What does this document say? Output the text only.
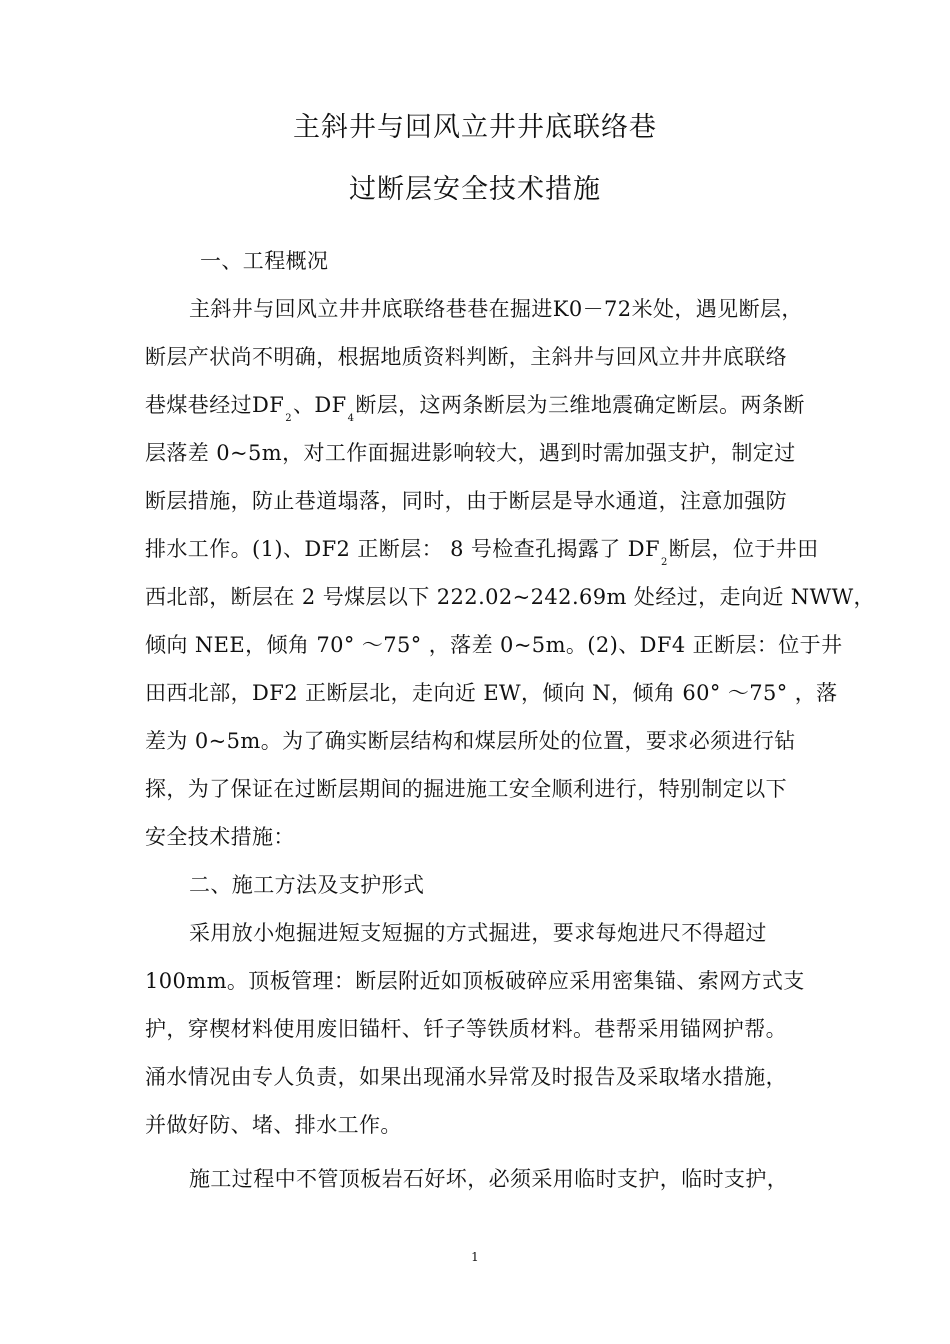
主斜井与回风立井井底联络巷
过断层安全技术措施
一、工程概况
主斜井与回风立井井底联络巷巷在掘进K0－72米处，遇见断层，
断层产状尚不明确，根据地质资料判断，主斜井与回风立井井底联络
巷煤巷经过$DF_2$、$DF_4$断层，这两条断层为三维地震确定断层。两条断
层落差 0~5m，对工作面掘进影响较大，遇到时需加强支护，制定过
断层措施，防止巷道塌落，同时，由于断层是导水通道，注意加强防
排水工作。(1)、DF2 正断层： 8 号检查孔揭露了 $DF_2$断层，位于井田
西北部，断层在 2 号煤层以下 222.02~242.69m 处经过，走向近 NWW，
倾向 NEE，倾角 70° ～75° ，落差 0~5m。(2)、DF4 正断层：位于井
田西北部，DF2 正断层北，走向近 EW，倾向 N，倾角 60° ～75° ，落
差为 0~5m。为了确实断层结构和煤层所处的位置，要求必须进行钻
探，为了保证在过断层期间的掘进施工安全顺利进行，特别制定以下
安全技术措施：
二、施工方法及支护形式
采用放小炮掘进短支短掘的方式掘进，要求每炮进尺不得超过
100mm。顶板管理：断层附近如顶板破碎应采用密集锚、索网方式支
护，穿楔材料使用废旧锚杆、钎子等铁质材料。巷帮采用锚网护帮。
涌水情况由专人负责，如果出现涌水异常及时报告及采取堵水措施，
并做好防、堵、排水工作。
施工过程中不管顶板岩石好坏，必须采用临时支护，临时支护，
1
